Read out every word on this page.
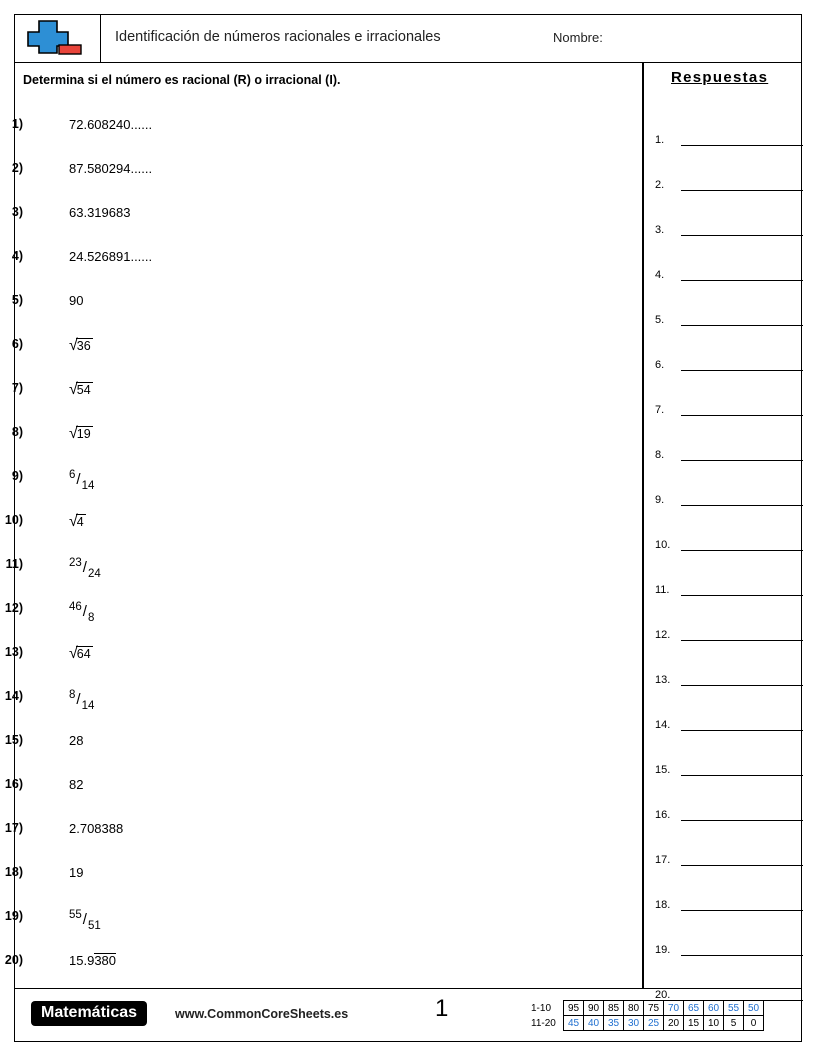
Identificación de números racionales e irracionales	Nombre:
Determina si el número es racional (R) o irracional (I).
1)	72.608240......
2)	87.580294......
3)	63.319683
4)	24.526891......
5)	90
6)	√36
7)	√54
8)	√19
9)	6/14
10)	√4
11)	23/24
12)	46/8
13)	√64
14)	8/14
15)	28
16)	82
17)	2.708388
18)	19
19)	55/51
20)	15.9380
Respuestas
1.
2.
3.
4.
5.
6.
7.
8.
9.
10.
11.
12.
13.
14.
15.
16.
17.
18.
19.
20.
Matemáticas	www.CommonCoreSheets.es	1	1-10	95	90	85	80	75	70	65	60	55	50
11-20	45	40	35	30	25	20	15	10	5	0
